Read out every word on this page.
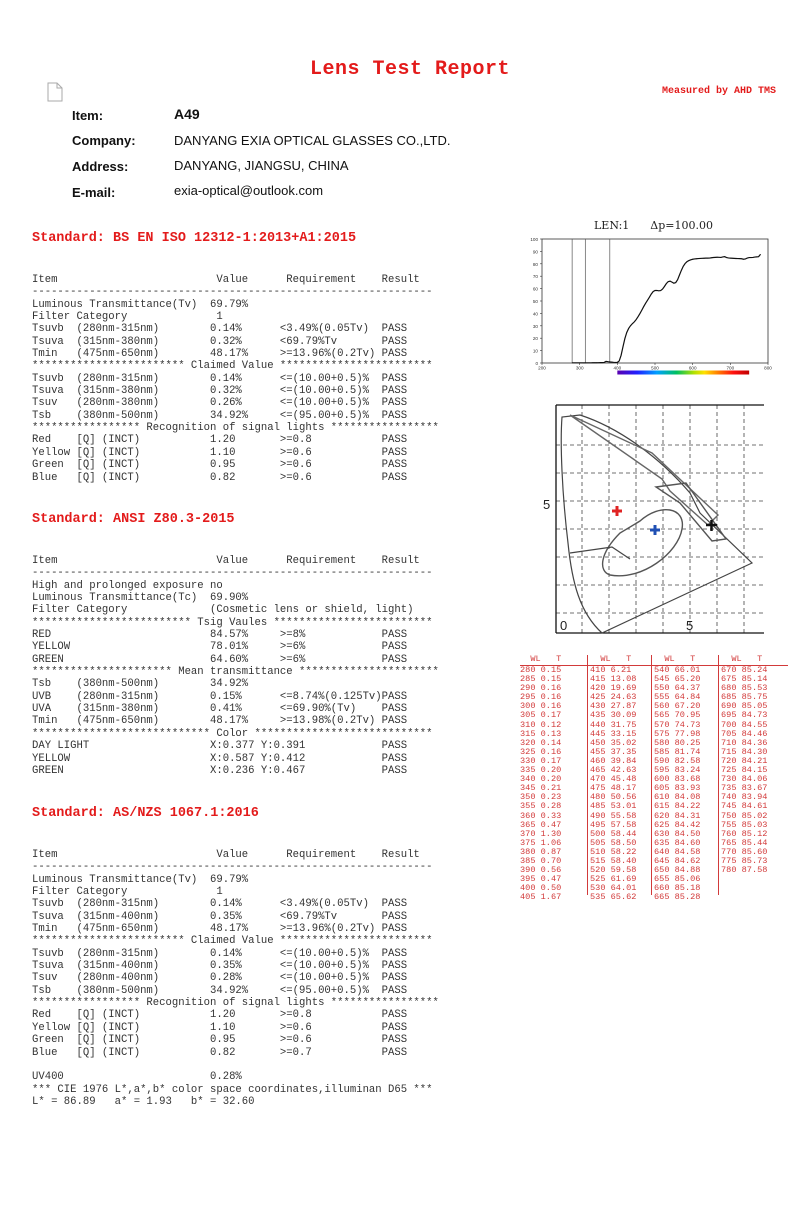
Lens Test Report
Measured by AHD TMS
Item:	A49
Company:	DANYANG EXIA OPTICAL GLASSES CO.,LTD.
Address:	DANYANG, JIANGSU, CHINA
E-mail:	exia-optical@outlook.com
Standard: BS EN ISO 12312-1:2013+A1:2015
Item                         Value      Requirement    Result
---------------------------------------------------------------
Luminous Transmittance(Tv)  69.79%
Filter Category              1
Tsuvb  (280nm-315nm)        0.14%      <3.49%(0.05Tv)  PASS
Tsuva  (315nm-380nm)        0.32%      <69.79%Tv       PASS
Tmin   (475nm-650nm)        48.17%     >=13.96%(0.2Tv) PASS
************************ Claimed Value ************************
Tsuvb  (280nm-315nm)        0.14%      <=(10.00+0.5)%  PASS
Tsuva  (315nm-380nm)        0.32%      <=(10.00+0.5)%  PASS
Tsuv   (280nm-380nm)        0.26%      <=(10.00+0.5)%  PASS
Tsb    (380nm-500nm)        34.92%     <=(95.00+0.5)%  PASS
***************** Recognition of signal lights *****************
Red    [Q] (INCT)           1.20       >=0.8           PASS
Yellow [Q] (INCT)           1.10       >=0.6           PASS
Green  [Q] (INCT)           0.95       >=0.6           PASS
Blue   [Q] (INCT)           0.82       >=0.6           PASS
Standard: ANSI Z80.3-2015
Item                         Value      Requirement    Result
---------------------------------------------------------------
High and prolonged exposure no
Luminous Transmittance(Tc)  69.90%
Filter Category             (Cosmetic lens or shield, light)
************************* Tsig Vaules *************************
RED                         84.57%     >=8%            PASS
YELLOW                      78.01%     >=6%            PASS
GREEN                       64.60%     >=6%            PASS
********************** Mean transmittance **********************
Tsb    (380nm-500nm)        34.92%
UVB    (280nm-315nm)        0.15%      <=8.74%(0.125Tv)PASS
UVA    (315nm-380nm)        0.41%      <=69.90%(Tv)    PASS
Tmin   (475nm-650nm)        48.17%     >=13.98%(0.2Tv) PASS
**************************** Color ****************************
DAY LIGHT                   X:0.377 Y:0.391            PASS
YELLOW                      X:0.587 Y:0.412            PASS
GREEN                       X:0.236 Y:0.467            PASS
Standard: AS/NZS 1067.1:2016
Item                         Value      Requirement    Result
---------------------------------------------------------------
Luminous Transmittance(Tv)  69.79%
Filter Category              1
Tsuvb  (280nm-315nm)        0.14%      <3.49%(0.05Tv)  PASS
Tsuva  (315nm-400nm)        0.35%      <69.79%Tv       PASS
Tmin   (475nm-650nm)        48.17%     >=13.96%(0.2Tv) PASS
************************ Claimed Value ************************
Tsuvb  (280nm-315nm)        0.14%      <=(10.00+0.5)%  PASS
Tsuva  (315nm-400nm)        0.35%      <=(10.00+0.5)%  PASS
Tsuv   (280nm-400nm)        0.28%      <=(10.00+0.5)%  PASS
Tsb    (380nm-500nm)        34.92%     <=(95.00+0.5)%  PASS
***************** Recognition of signal lights *****************
Red    [Q] (INCT)           1.20       >=0.8           PASS
Yellow [Q] (INCT)           1.10       >=0.6           PASS
Green  [Q] (INCT)           0.95       >=0.6           PASS
Blue   [Q] (INCT)           0.82       >=0.7           PASS
UV400                       0.28%
*** CIE 1976 L*,a*,b* color space coordinates,illuminan D65 ***
L* = 86.89   a* = 1.93   b* = 32.60
LEN:1 Δp=100.00
100
90
80
70
60
50
40
30
20
10
0
200	300	400	500	600	700	800
5
0	5
WL   T
280 0.15
285 0.15
290 0.16
295 0.16
300 0.16
305 0.17
310 0.12
315 0.13
320 0.14
325 0.16
330 0.17
335 0.20
340 0.20
345 0.21
350 0.23
355 0.28
360 0.33
365 0.47
370 1.30
375 1.06
380 0.87
385 0.70
390 0.56
395 0.47
400 0.50
405 1.67
WL   T
410 6.21
415 13.08
420 19.69
425 24.63
430 27.87
435 30.09
440 31.75
445 33.15
450 35.02
455 37.35
460 39.84
465 42.63
470 45.48
475 48.17
480 50.56
485 53.01
490 55.58
495 57.58
500 58.44
505 58.50
510 58.22
515 58.40
520 59.58
525 61.69
530 64.01
535 65.62
WL   T
540 66.01
545 65.20
550 64.37
555 64.84
560 67.20
565 70.95
570 74.73
575 77.98
580 80.25
585 81.74
590 82.58
595 83.24
600 83.68
605 83.93
610 84.08
615 84.22
620 84.31
625 84.42
630 84.50
635 84.60
640 84.58
645 84.62
650 84.88
655 85.06
660 85.18
665 85.28
WL   T
670 85.24
675 85.14
680 85.53
685 85.75
690 85.05
695 84.73
700 84.55
705 84.46
710 84.36
715 84.30
720 84.21
725 84.15
730 84.06
735 83.67
740 83.94
745 84.61
750 85.02
755 85.03
760 85.12
765 85.44
770 85.60
775 85.73
780 87.58
